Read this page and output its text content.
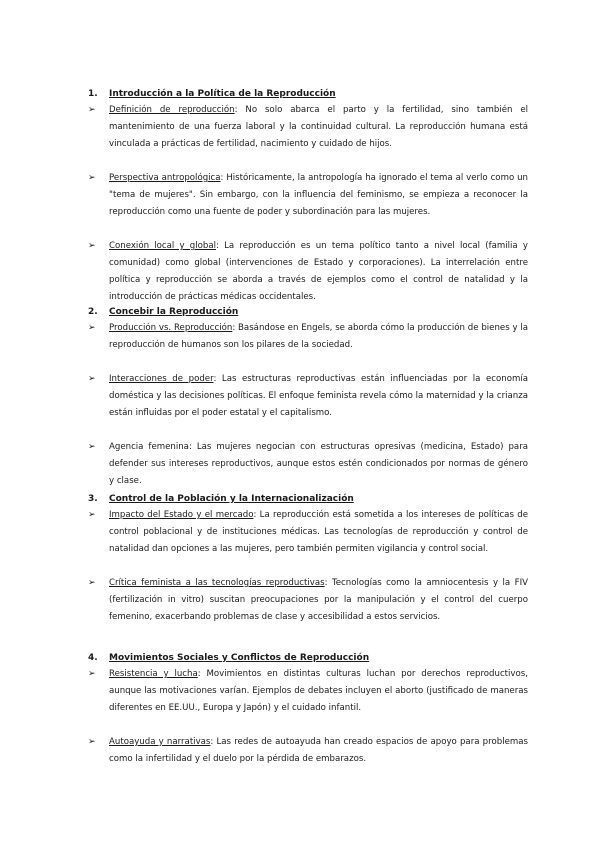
1. Introducción a la Política de la Reproducción
➢	Definición de reproducción: No solo abarca el parto y la fertilidad, sino también el mantenimiento de una fuerza laboral y la continuidad cultural. La reproducción humana está vinculada a prácticas de fertilidad, nacimiento y cuidado de hijos.
➢	Perspectiva antropológica: Históricamente, la antropología ha ignorado el tema al verlo como un "tema de mujeres". Sin embargo, con la influencia del feminismo, se empieza a reconocer la reproducción como una fuente de poder y subordinación para las mujeres.
➢	Conexión local y global: La reproducción es un tema político tanto a nivel local (familia y comunidad) como global (intervenciones de Estado y corporaciones). La interrelación entre política y reproducción se aborda a través de ejemplos como el control de natalidad y la introducción de prácticas médicas occidentales.
2. Concebir la Reproducción
➢	Producción vs. Reproducción: Basándose en Engels, se aborda cómo la producción de bienes y la reproducción de humanos son los pilares de la sociedad.
➢	Interacciones de poder: Las estructuras reproductivas están influenciadas por la economía doméstica y las decisiones políticas. El enfoque feminista revela cómo la maternidad y la crianza están influidas por el poder estatal y el capitalismo.
➢	Agencia femenina: Las mujeres negocian con estructuras opresivas (medicina, Estado) para defender sus intereses reproductivos, aunque estos estén condicionados por normas de género y clase.
3. Control de la Población y la Internacionalización
➢	Impacto del Estado y el mercado: La reproducción está sometida a los intereses de políticas de control poblacional y de instituciones médicas. Las tecnologías de reproducción y control de natalidad dan opciones a las mujeres, pero también permiten vigilancia y control social.
➢	Crítica feminista a las tecnologías reproductivas: Tecnologías como la amniocentesis y la FIV (fertilización in vitro) suscitan preocupaciones por la manipulación y el control del cuerpo femenino, exacerbando problemas de clase y accesibilidad a estos servicios.
4. Movimientos Sociales y Conflictos de Reproducción
➢	Resistencia y lucha: Movimientos en distintas culturas luchan por derechos reproductivos, aunque las motivaciones varían. Ejemplos de debates incluyen el aborto (justificado de maneras diferentes en EE.UU., Europa y Japón) y el cuidado infantil.
➢	Autoayuda y narrativas: Las redes de autoayuda han creado espacios de apoyo para problemas como la infertilidad y el duelo por la pérdida de embarazos.
